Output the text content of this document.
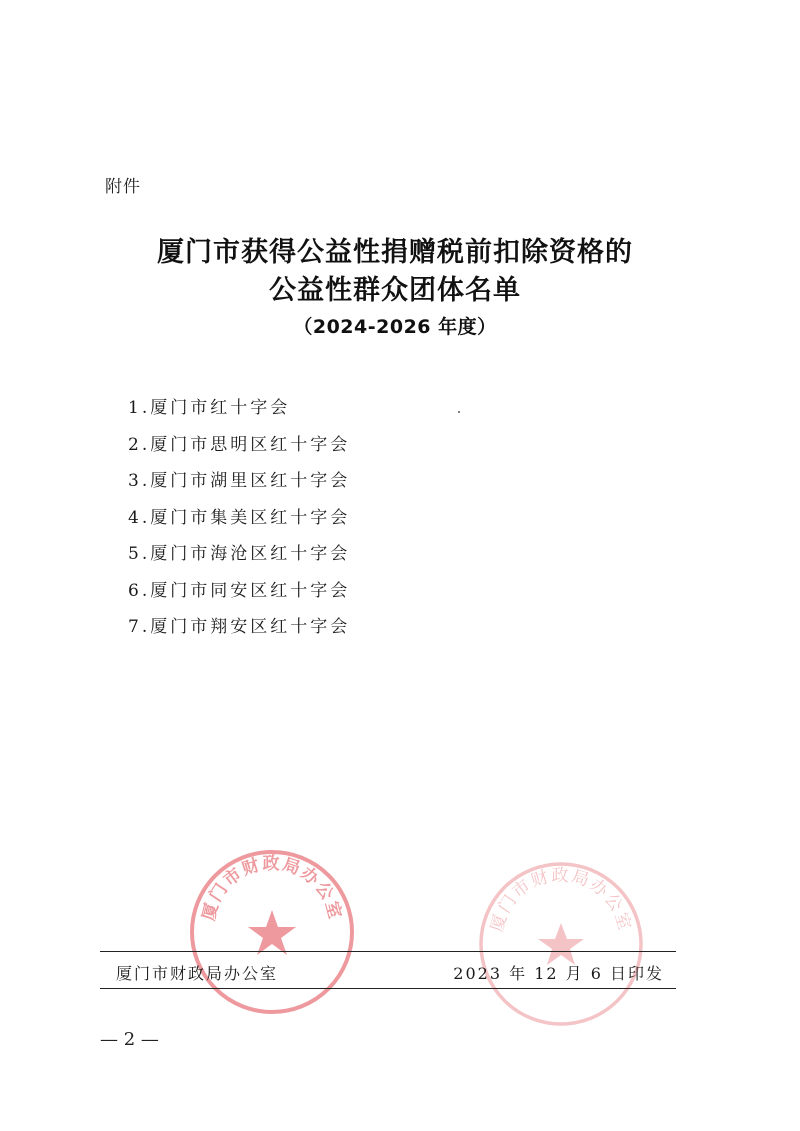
附件
厦门市获得公益性捐赠税前扣除资格的
公益性群众团体名单
（2024-2026 年度）
1.厦门市红十字会
2.厦门市思明区红十字会
3.厦门市湖里区红十字会
4.厦门市集美区红十字会
5.厦门市海沧区红十字会
6.厦门市同安区红十字会
7.厦门市翔安区红十字会
厦门市财政局办公室	厦门市财政局办公室
厦门市财政局办公室	2023 年 12 月 6 日印发
— 2 —
